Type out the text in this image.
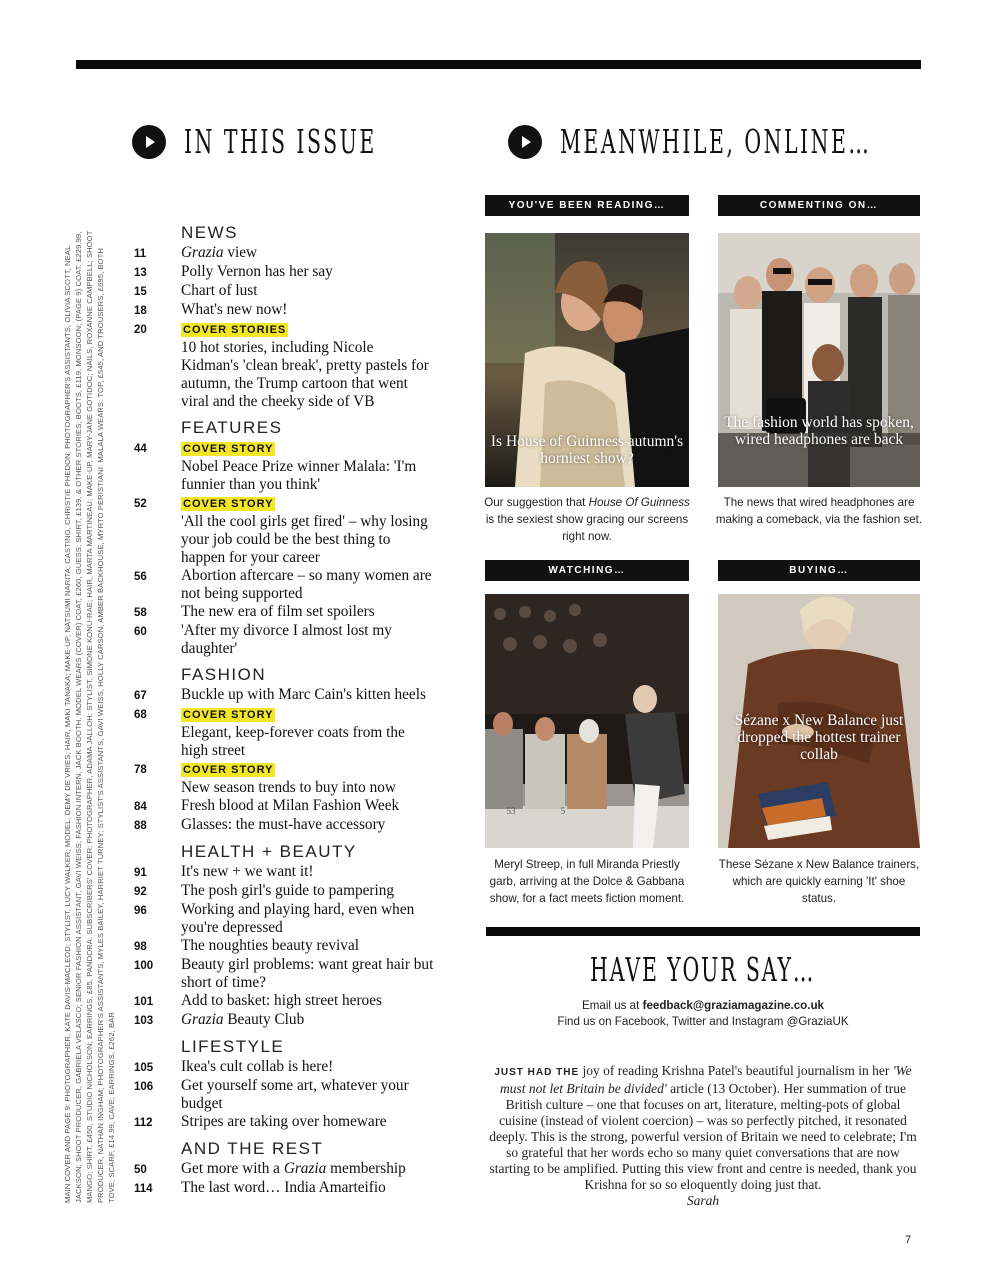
IN THIS ISSUE	MEANWHILE, ONLINE…
MAIN COVER AND PAGE 9: PHOTOGRAPHER, KATE DAVIS-MACLEOD; STYLIST, LUCY WALKER; MODEL, DEMY DE VRIES; HAIR, MAKI TANAKA; MAKE-UP, NATSUMI NARITA; CASTING, CHRISTIE PHEDON; PHOTOGRAPHER'S ASSISTANTS, OLIVIA SCOTT, NEAL JACKSON; SHOOT PRODUCER, GABRIELA VELASCO; SENIOR FASHION ASSISTANT, GAVI WEISS; FASHION INTERN, JACK BOOTH. MODEL WEARS (COVER) COAT, £260, GUESS; SHIRT, £139, & OTHER STORIES; BOOTS, £119, MONSOON; (PAGE 9) COAT, £229.99, MANGO; SHIRT, £450, STUDIO NICHOLSON; EARRINGS, £85, PANDORA. SUBSCRIBERS' COVER: PHOTOGRAPHER, ADAMA JALLOH; STYLIST, SIMONE KONU-RAE; HAIR, MARTA MARTINEAU; MAKE-UP, MARY-JANE GOTIDOC; NAILS, ROXANNE CAMPBELL; SHOOT PRODUCER, NATHAN INGHAM; PHOTOGRAPHER'S ASSISTANTS, MYLES BAILEY, HARRIET TURNEY; STYLIST'S ASSISTANTS, GAVI WEISS, HOLLY CARSON, AMBER BACKHOUSE, MYRTO PERISTIANI. MALALA WEARS: TOP, £545, AND TROUSERS, £695, BOTH TOVE; SCARF, £14.99, CAVE; EARRINGS, £262, BAR
NEWS
11	Grazia view
13	Polly Vernon has her say
15	Chart of lust
18	What's new now!
20	COVER STORIES
10 hot stories, including Nicole Kidman's 'clean break', pretty pastels for autumn, the Trump cartoon that went viral and the cheeky side of VB
FEATURES
44	COVER STORY
Nobel Peace Prize winner Malala: 'I'm funnier than you think'
52	COVER STORY
'All the cool girls get fired' – why losing your job could be the best thing to happen for your career
56	Abortion aftercare – so many women are not being supported
58	The new era of film set spoilers
60	'After my divorce I almost lost my daughter'
FASHION
67	Buckle up with Marc Cain's kitten heels
68	COVER STORY
Elegant, keep-forever coats from the high street
78	COVER STORY
New season trends to buy into now
84	Fresh blood at Milan Fashion Week
88	Glasses: the must-have accessory
HEALTH + BEAUTY
91	It's new + we want it!
92	The posh girl's guide to pampering
96	Working and playing hard, even when you're depressed
98	The noughties beauty revival
100	Beauty girl problems: want great hair but short of time?
101	Add to basket: high street heroes
103	Grazia Beauty Club
LIFESTYLE
105	Ikea's cult collab is here!
106	Get yourself some art, whatever your budget
112	Stripes are taking over homeware
AND THE REST
50	Get more with a Grazia membership
114	The last word… India Amarteifio
YOU'VE BEEN READING…
Is House of Guinness autumn's horniest show?
Our suggestion that House Of Guinness is the sexiest show gracing our screens right now.
COMMENTING ON…
The fashion world has spoken, wired headphones are back
The news that wired headphones are making a comeback, via the fashion set.
WATCHING…
53	5
Meryl Streep, in full Miranda Priestly garb, arriving at the Dolce & Gabbana show, for a fact meets fiction moment.
BUYING…
Sézane x New Balance just dropped the hottest trainer collab
These Sézane x New Balance trainers, which are quickly earning 'It' shoe status.
HAVE YOUR SAY…
Email us at feedback@graziamagazine.co.uk
Find us on Facebook, Twitter and Instagram @GraziaUK
JUST HAD THE joy of reading Krishna Patel's beautiful journalism in her 'We must not let Britain be divided' article (13 October). Her summation of true British culture – one that focuses on art, literature, melting-pots of global cuisine (instead of violent coercion) – was so perfectly pitched, it resonated deeply. This is the strong, powerful version of Britain we need to celebrate; I'm so grateful that her words echo so many quiet conversations that are now starting to be amplified. Putting this view front and centre is needed, thank you Krishna for so so eloquently doing just that.
Sarah
7
